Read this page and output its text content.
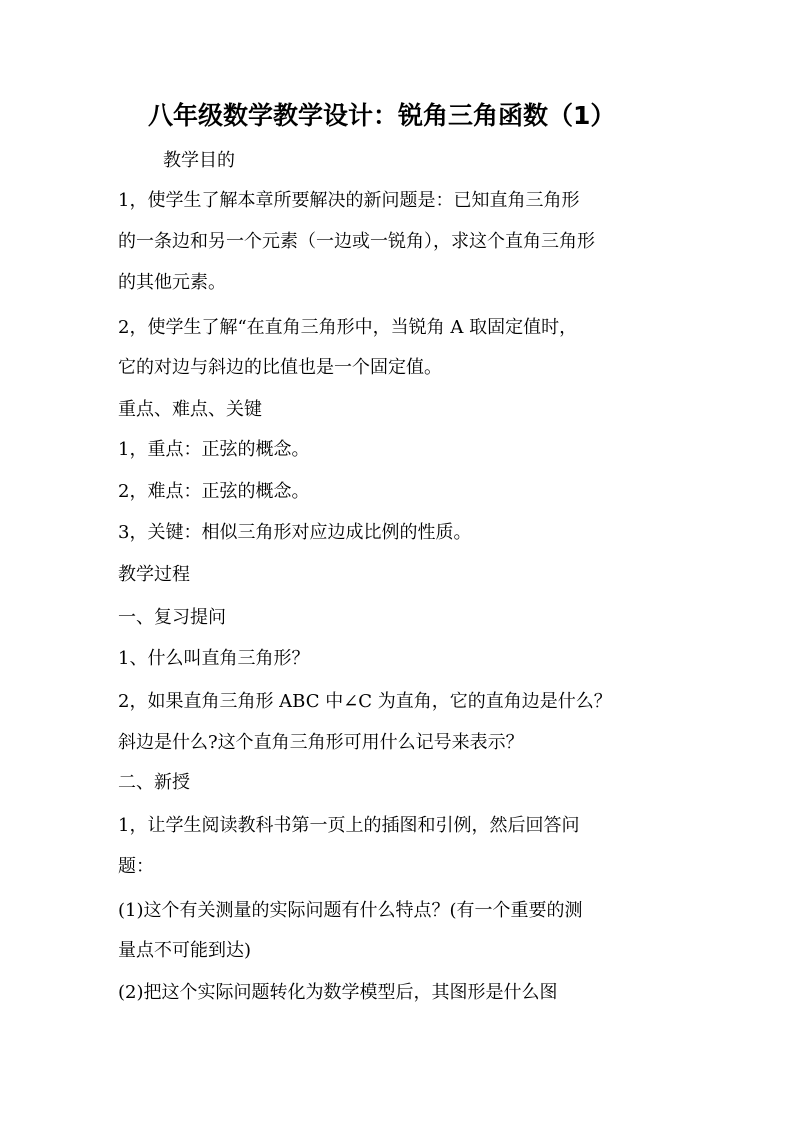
八年级数学教学设计：锐角三角函数（1）
教学目的
1，使学生了解本章所要解决的新问题是：已知直角三角形
的一条边和另一个元素（一边或一锐角），求这个直角三角形
的其他元素。
2，使学生了解“在直角三角形中，当锐角 A 取固定值时，
它的对边与斜边的比值也是一个固定值。
重点、难点、关键
1，重点：正弦的概念。
2，难点：正弦的概念。
3，关键：相似三角形对应边成比例的性质。
教学过程
一、复习提问
1、什么叫直角三角形？
2，如果直角三角形 ABC 中∠C 为直角，它的直角边是什么？
斜边是什么?这个直角三角形可用什么记号来表示？
二、新授
1，让学生阅读教科书第一页上的插图和引例，然后回答问
题：
(1)这个有关测量的实际问题有什么特点？(有一个重要的测
量点不可能到达)
(2)把这个实际问题转化为数学模型后，其图形是什么图
